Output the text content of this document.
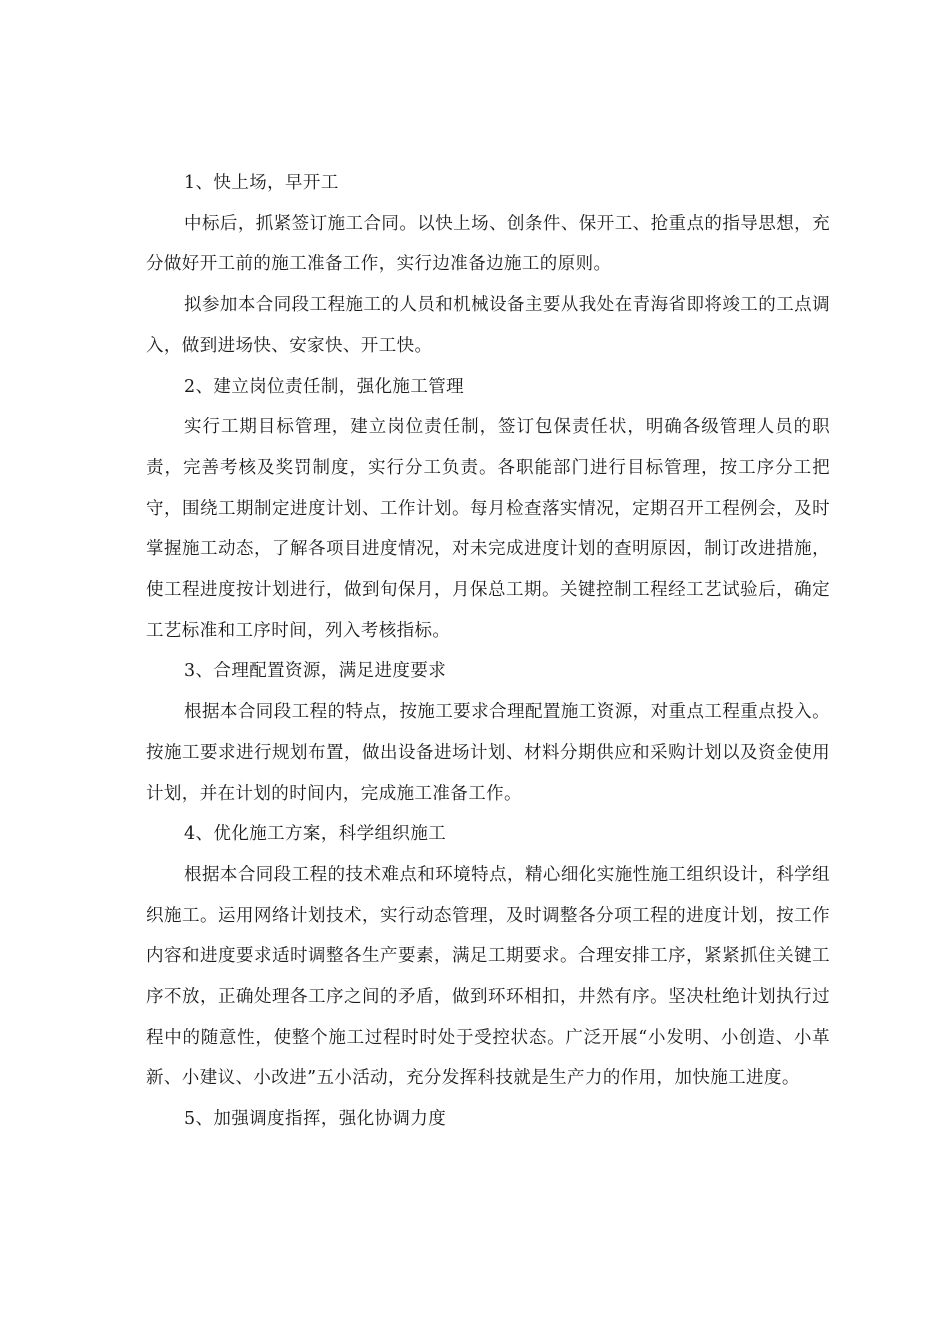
1、快上场，早开工

中标后，抓紧签订施工合同。以快上场、创条件、保开工、抢重点的指导思想，充分做好开工前的施工准备工作，实行边准备边施工的原则。

拟参加本合同段工程施工的人员和机械设备主要从我处在青海省即将竣工的工点调入，做到进场快、安家快、开工快。

2、建立岗位责任制，强化施工管理

实行工期目标管理，建立岗位责任制，签订包保责任状，明确各级管理人员的职责，完善考核及奖罚制度，实行分工负责。各职能部门进行目标管理，按工序分工把守，围绕工期制定进度计划、工作计划。每月检查落实情况，定期召开工程例会，及时掌握施工动态，了解各项目进度情况，对未完成进度计划的查明原因，制订改进措施，使工程进度按计划进行，做到旬保月，月保总工期。关键控制工程经工艺试验后，确定工艺标准和工序时间，列入考核指标。

3、合理配置资源，满足进度要求

根据本合同段工程的特点，按施工要求合理配置施工资源，对重点工程重点投入。按施工要求进行规划布置，做出设备进场计划、材料分期供应和采购计划以及资金使用计划，并在计划的时间内，完成施工准备工作。

4、优化施工方案，科学组织施工

根据本合同段工程的技术难点和环境特点，精心细化实施性施工组织设计，科学组织施工。运用网络计划技术，实行动态管理，及时调整各分项工程的进度计划，按工作内容和进度要求适时调整各生产要素，满足工期要求。合理安排工序，紧紧抓住关键工序不放，正确处理各工序之间的矛盾，做到环环相扣，井然有序。坚决杜绝计划执行过程中的随意性，使整个施工过程时时处于受控状态。广泛开展“小发明、小创造、小革新、小建议、小改进”五小活动，充分发挥科技就是生产力的作用，加快施工进度。

5、加强调度指挥，强化协调力度
